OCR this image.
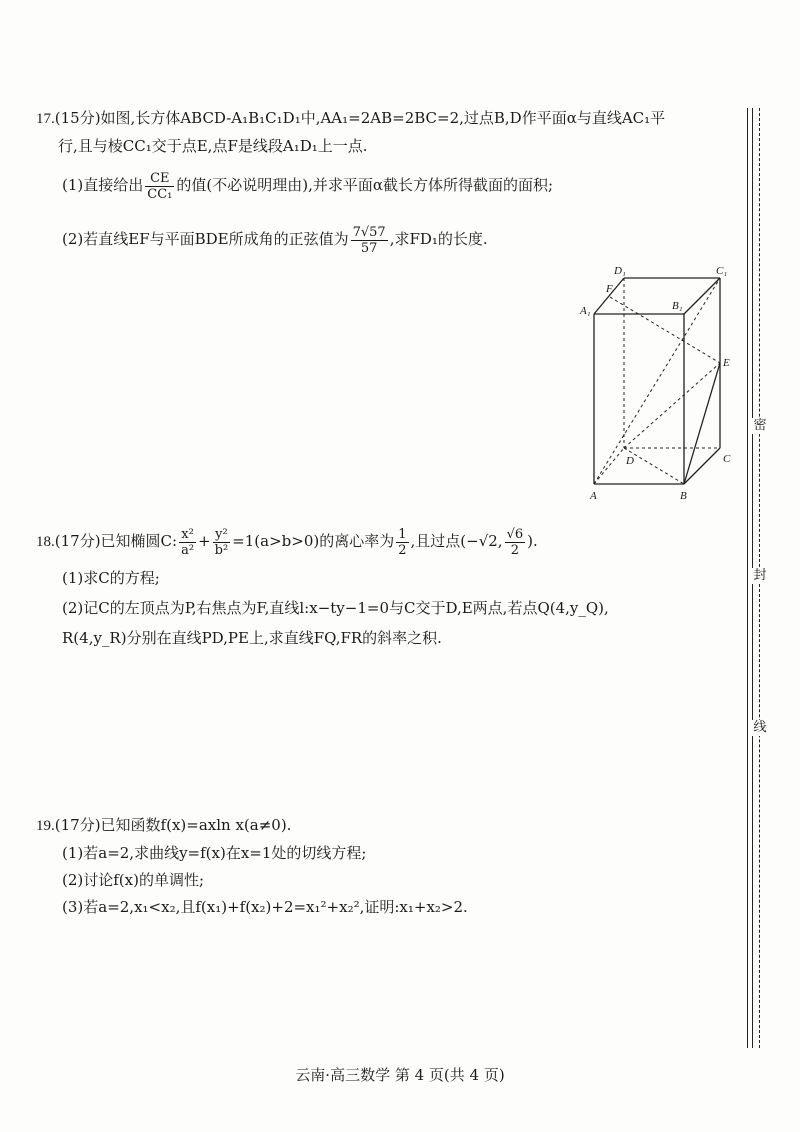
17.(15分)如图,长方体ABCD-A₁B₁C₁D₁中,AA₁=2AB=2BC=2,过点B,D作平面α与直线AC₁平
行,且与棱CC₁交于点E,点F是线段A₁D₁上一点.
(1)直接给出 $\frac{CE}{\text{CC₁}}$ 的值(不必说明理由),并求平面α截长方体所得截面的面积;
(2)若直线EF与平面BDE所成角的正弦值为 $\frac{7√57}{57}$ ,求FD₁的长度.
D₁	C₁
F
A₁	B₁
E
D	C
A	B
18.(17分)已知椭圆C: $\frac{\text{x²}}{\text{a²}} + \frac{\text{y²}}{\text{b²}} =1(a>b>0)$的离心率为 $\frac{1}{2}$ ,且过点(−√2, $\frac{√6}{2}$ ).
(1)求C的方程;
(2)记C的左顶点为P,右焦点为F,直线l:x−ty−1=0与C交于D,E两点,若点Q(4,y_Q),
R(4,y_R)分别在直线PD,PE上,求直线FQ,FR的斜率之积.
19.(17分)已知函数f(x)=axln x(a≠0).
(1)若a=2,求曲线y=f(x)在x=1处的切线方程;
(2)讨论f(x)的单调性;
(3)若a=2,x₁<x₂,且f(x₁)+f(x₂)+2=x₁²+x₂²,证明:x₁+x₂>2.
密
封
线
云南·高三数学 第 4 页(共 4 页)
